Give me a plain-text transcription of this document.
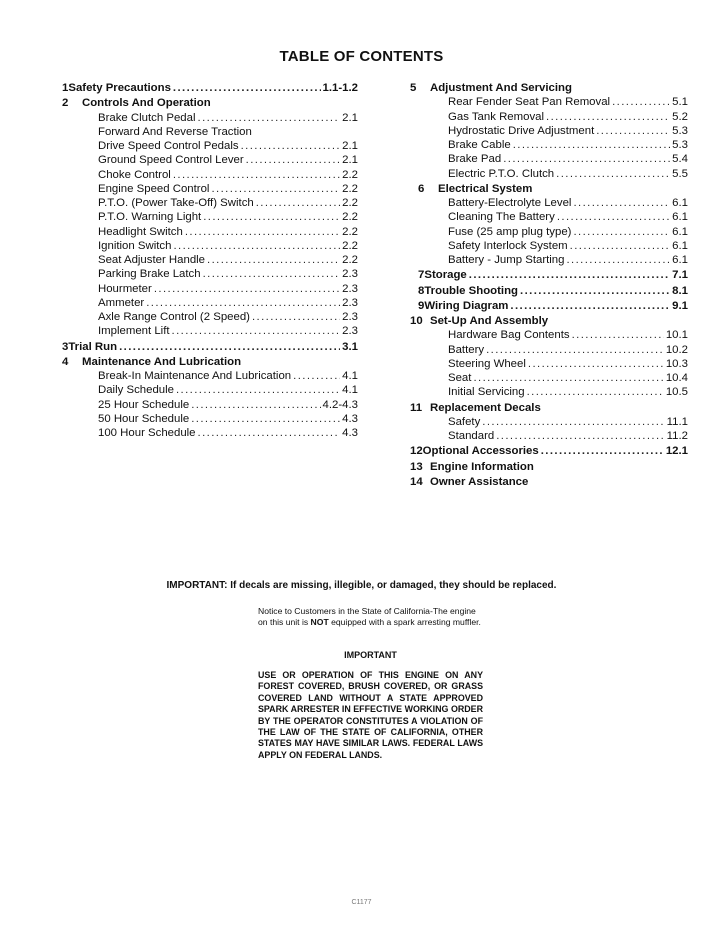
TABLE OF CONTENTS
1 Safety Precautions .....	1.1-1.2
2	Controls And Operation
Brake Clutch Pedal .....	2.1
Forward And Reverse Traction
Drive Speed Control Pedals .....	2.1
Ground Speed Control Lever .....	2.1
Choke Control .....	2.2
Engine Speed Control .....	2.2
P.T.O. (Power Take-Off) Switch .....	2.2
P.T.O. Warning Light .....	2.2
Headlight Switch .....	2.2
Ignition Switch .....	2.2
Seat Adjuster Handle .....	2.2
Parking Brake Latch .....	2.3
Hourmeter .....	2.3
Ammeter .....	2.3
Axle Range Control (2 Speed) .....	2.3
Implement Lift .....	2.3
3 Trial Run .....	3.1
4	Maintenance And Lubrication
Break-In Maintenance And Lubrication .....	4.1
Daily Schedule .....	4.1
25 Hour Schedule .....	4.2-4.3
50 Hour Schedule .....	4.3
100 Hour Schedule .....	4.3
5	Adjustment And Servicing
Rear Fender Seat Pan Removal .....	5.1
Gas Tank Removal .....	5.2
Hydrostatic Drive Adjustment .....	5.3
Brake Cable .....	5.3
Brake Pad .....	5.4
Electric P.T.O. Clutch .....	5.5
6	Electrical System
Battery-Electrolyte Level .....	6.1
Cleaning The Battery .....	6.1
Fuse (25 amp plug type) .....	6.1
Safety Interlock System .....	6.1
Battery - Jump Starting .....	6.1
7 Storage .....	7.1
8 Trouble Shooting .....	8.1
9 Wiring Diagram .....	9.1
10 Set-Up And Assembly
Hardware Bag Contents .....	10.1
Battery .....	10.2
Steering Wheel .....	10.3
Seat .....	10.4
Initial Servicing .....	10.5
11 Replacement Decals
Safety .....	11.1
Standard .....	11.2
12 Optional Accessories .....	12.1
13 Engine Information
14 Owner Assistance
IMPORTANT: If decals are missing, illegible, or damaged, they should be replaced.
Notice to Customers in the State of California-The engine on this unit is NOT equipped with a spark arresting muffler.
IMPORTANT
USE OR OPERATION OF THIS ENGINE ON ANY FOREST COVERED, BRUSH COVERED, OR GRASS COVERED LAND WITHOUT A STATE APPROVED SPARK ARRESTER IN EFFECTIVE WORKING ORDER BY THE OPERATOR CONSTITUTES A VIOLATION OF THE LAW OF THE STATE OF CALIFORNIA, OTHER STATES MAY HAVE SIMILAR LAWS. FEDERAL LAWS APPLY ON FEDERAL LANDS.
C1177
